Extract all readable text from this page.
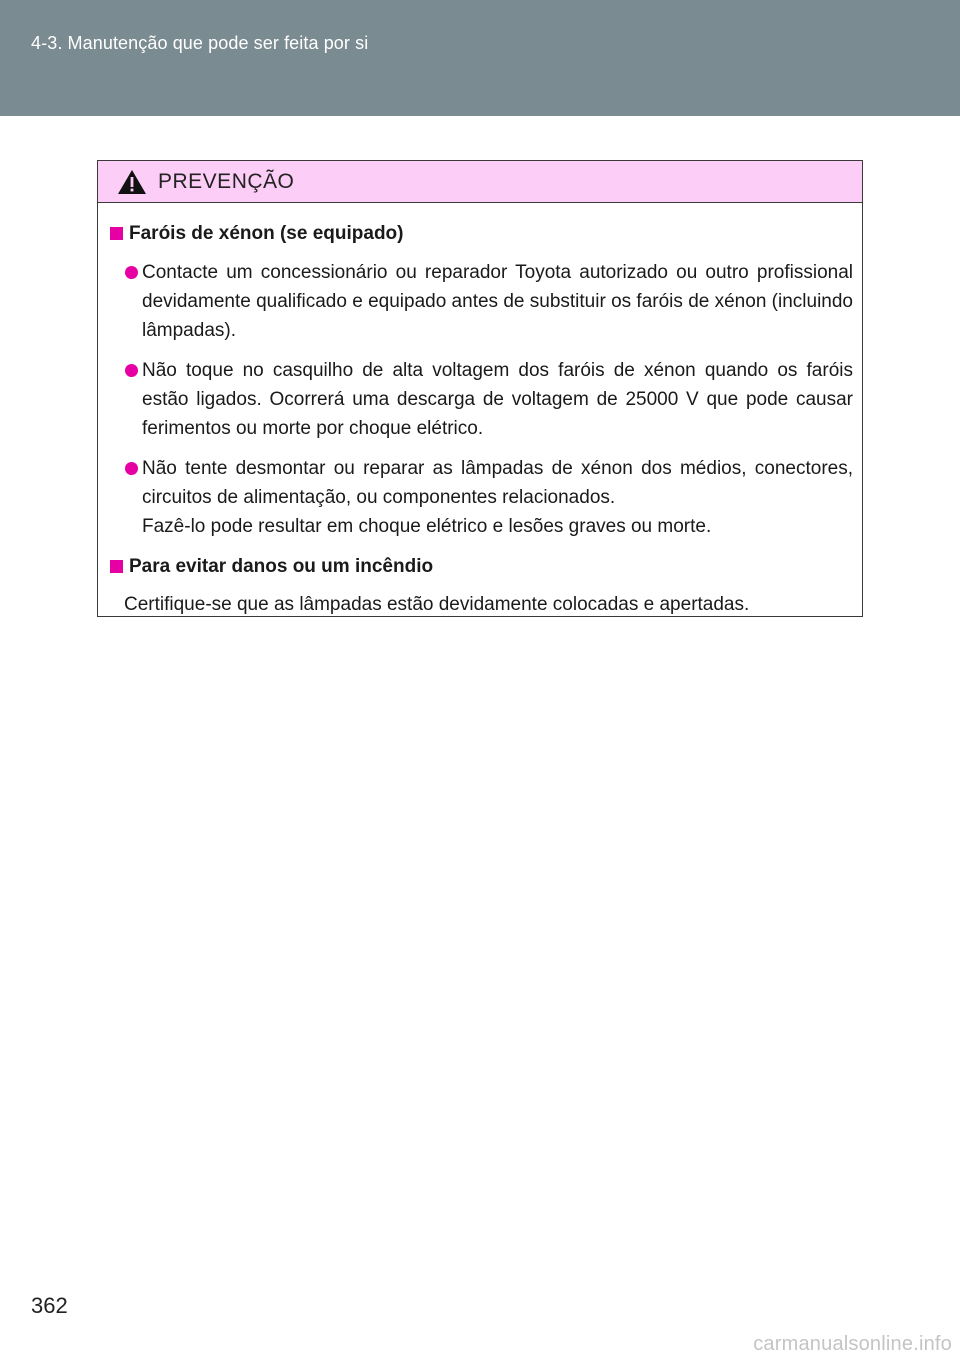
4-3. Manutenção que pode ser feita por si
PREVENÇÃO
Faróis de xénon (se equipado)
Contacte um concessionário ou reparador Toyota autorizado ou outro profissional devidamente qualificado e equipado antes de substituir os faróis de xénon (incluindo lâmpadas).
Não toque no casquilho de alta voltagem dos faróis de xénon quando os faróis estão ligados. Ocorrerá uma descarga de voltagem de 25000 V que pode causar ferimentos ou morte por choque elétrico.
Não tente desmontar ou reparar as lâmpadas de xénon dos médios, conectores, circuitos de alimentação, ou componentes relacionados.
Fazê-lo pode resultar em choque elétrico e lesões graves ou morte.
Para evitar danos ou um incêndio
Certifique-se que as lâmpadas estão devidamente colocadas e apertadas.
362
carmanualsonline.info
